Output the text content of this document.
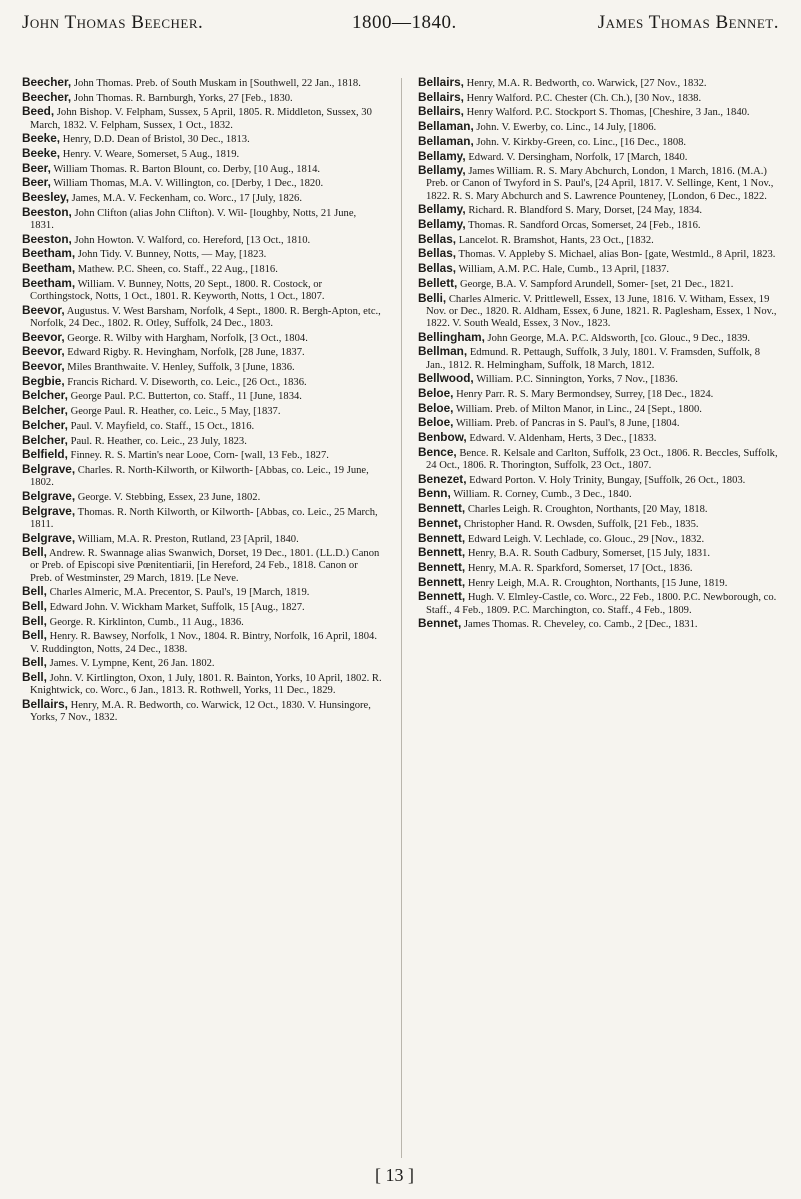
John Thomas Beecher.	1800—1840.	James Thomas Bennet.
Beecher, John Thomas. Preb. of South Muskam in [Southwell, 22 Jan., 1818.
Beecher, John Thomas. R. Barnburgh, Yorks, 27 [Feb., 1830.
Beed, John Bishop. V. Felpham, Sussex, 5 April, 1805. R. Middleton, Sussex, 30 March, 1832. V. Felpham, Sussex, 1 Oct., 1832.
Beeke, Henry, D.D. Dean of Bristol, 30 Dec., 1813.
Beeke, Henry. V. Weare, Somerset, 5 Aug., 1819.
Beer, William Thomas. R. Barton Blount, co. Derby, [10 Aug., 1814.
Beer, William Thomas, M.A. V. Willington, co. [Derby, 1 Dec., 1820.
Beesley, James, M.A. V. Feckenham, co. Worc., 17 [July, 1826.
Beeston, John Clifton (alias John Clifton). V. Wil- [loughby, Notts, 21 June, 1831.
Beeston, John Howton. V. Walford, co. Hereford, [13 Oct., 1810.
Beetham, John Tidy. V. Bunney, Notts, — May, [1823.
Beetham, Mathew. P.C. Sheen, co. Staff., 22 Aug., [1816.
Beetham, William. V. Bunney, Notts, 20 Sept., 1800. R. Costock, or Corthingstock, Notts, 1 Oct., 1801. R. Keyworth, Notts, 1 Oct., 1807.
Beevor, Augustus. V. West Barsham, Norfolk, 4 Sept., 1800. R. Bergh-Apton, etc., Norfolk, 24 Dec., 1802. R. Otley, Suffolk, 24 Dec., 1803.
Beevor, George. R. Wilby with Hargham, Norfolk, [3 Oct., 1804.
Beevor, Edward Rigby. R. Hevingham, Norfolk, [28 June, 1837.
Beevor, Miles Branthwaite. V. Henley, Suffolk, 3 [June, 1836.
Begbie, Francis Richard. V. Diseworth, co. Leic., [26 Oct., 1836.
Belcher, George Paul. P.C. Butterton, co. Staff., 11 [June, 1834.
Belcher, George Paul. R. Heather, co. Leic., 5 May, [1837.
Belcher, Paul. V. Mayfield, co. Staff., 15 Oct., 1816.
Belcher, Paul. R. Heather, co. Leic., 23 July, 1823.
Belfield, Finney. R. S. Martin's near Looe, Corn- [wall, 13 Feb., 1827.
Belgrave, Charles. R. North-Kilworth, or Kilworth- [Abbas, co. Leic., 19 June, 1802.
Belgrave, George. V. Stebbing, Essex, 23 June, 1802.
Belgrave, Thomas. R. North Kilworth, or Kilworth- [Abbas, co. Leic., 25 March, 1811.
Belgrave, William, M.A. R. Preston, Rutland, 23 [April, 1840.
Bell, Andrew. R. Swannage alias Swanwich, Dorset, 19 Dec., 1801. (LL.D.) Canon or Preb. of Episcopi sive Pœnitentiarii, [in Hereford, 24 Feb., 1818. Canon or Preb. of Westminster, 29 March, 1819. [Le Neve.
Bell, Charles Almeric, M.A. Precentor, S. Paul's, 19 [March, 1819.
Bell, Edward John. V. Wickham Market, Suffolk, 15 [Aug., 1827.
Bell, George. R. Kirklinton, Cumb., 11 Aug., 1836.
Bell, Henry. R. Bawsey, Norfolk, 1 Nov., 1804. R. Bintry, Norfolk, 16 April, 1804. V. Ruddington, Notts, 24 Dec., 1838.
Bell, James. V. Lympne, Kent, 26 Jan. 1802.
Bell, John. V. Kirtlington, Oxon, 1 July, 1801. R. Bainton, Yorks, 10 April, 1802. R. Knightwick, co. Worc., 6 Jan., 1813. R. Rothwell, Yorks, 11 Dec., 1829.
Bellairs, Henry, M.A. R. Bedworth, co. Warwick, 12 Oct., 1830. V. Hunsingore, Yorks, 7 Nov., 1832.
Bellairs, Henry, M.A. R. Bedworth, co. Warwick, [27 Nov., 1832.
Bellairs, Henry Walford. P.C. Chester (Ch. Ch.), [30 Nov., 1838.
Bellairs, Henry Walford. P.C. Stockport S. Thomas, [Cheshire, 3 Jan., 1840.
Bellaman, John. V. Ewerby, co. Linc., 14 July, [1806.
Bellaman, John. V. Kirkby-Green, co. Linc., [16 Dec., 1808.
Bellamy, Edward. V. Dersingham, Norfolk, 17 [March, 1840.
Bellamy, James William. R. S. Mary Abchurch, London, 1 March, 1816. (M.A.) Preb. or Canon of Twyford in S. Paul's, [24 April, 1817. V. Sellinge, Kent, 1 Nov., 1822. R. S. Mary Abchurch and S. Lawrence Pounteney, [London, 6 Dec., 1822.
Bellamy, Richard. R. Blandford S. Mary, Dorset, [24 May, 1834.
Bellamy, Thomas. R. Sandford Orcas, Somerset, 24 [Feb., 1816.
Bellas, Lancelot. R. Bramshot, Hants, 23 Oct., [1832.
Bellas, Thomas. V. Appleby S. Michael, alias Bon- [gate, Westmld., 8 April, 1823.
Bellas, William, A.M. P.C. Hale, Cumb., 13 April, [1837.
Bellett, George, B.A. V. Sampford Arundell, Somer- [set, 21 Dec., 1821.
Belli, Charles Almeric. V. Prittlewell, Essex, 13 June, 1816. V. Witham, Essex, 19 Nov. or Dec., 1820. R. Aldham, Essex, 6 June, 1821. R. Paglesham, Essex, 1 Nov., 1822. V. South Weald, Essex, 3 Nov., 1823.
Bellingham, John George, M.A. P.C. Aldsworth, [co. Glouc., 9 Dec., 1839.
Bellman, Edmund. R. Pettaugh, Suffolk, 3 July, 1801. V. Framsden, Suffolk, 8 Jan., 1812. R. Helmingham, Suffolk, 18 March, 1812.
Bellwood, William. P.C. Sinnington, Yorks, 7 Nov., [1836.
Beloe, Henry Parr. R. S. Mary Bermondsey, Surrey, [18 Dec., 1824.
Beloe, William. Preb. of Milton Manor, in Linc., 24 [Sept., 1800.
Beloe, William. Preb. of Pancras in S. Paul's, 8 June, [1804.
Benbow, Edward. V. Aldenham, Herts, 3 Dec., [1833.
Bence, Bence. R. Kelsale and Carlton, Suffolk, 23 Oct., 1806. R. Beccles, Suffolk, 24 Oct., 1806. R. Thorington, Suffolk, 23 Oct., 1807.
Benezet, Edward Porton. V. Holy Trinity, Bungay, [Suffolk, 26 Oct., 1803.
Benn, William. R. Corney, Cumb., 3 Dec., 1840.
Bennett, Charles Leigh. R. Croughton, Northants, [20 May, 1818.
Bennet, Christopher Hand. R. Owsden, Suffolk, [21 Feb., 1835.
Bennett, Edward Leigh. V. Lechlade, co. Glouc., 29 [Nov., 1832.
Bennett, Henry, B.A. R. South Cadbury, Somerset, [15 July, 1831.
Bennett, Henry, M.A. R. Sparkford, Somerset, 17 [Oct., 1836.
Bennett, Henry Leigh, M.A. R. Croughton, Northants, [15 June, 1819.
Bennett, Hugh. V. Elmley-Castle, co. Worc., 22 Feb., 1800. P.C. Newborough, co. Staff., 4 Feb., 1809. P.C. Marchington, co. Staff., 4 Feb., 1809.
Bennet, James Thomas. R. Cheveley, co. Camb., 2 [Dec., 1831.
[ 13 ]
